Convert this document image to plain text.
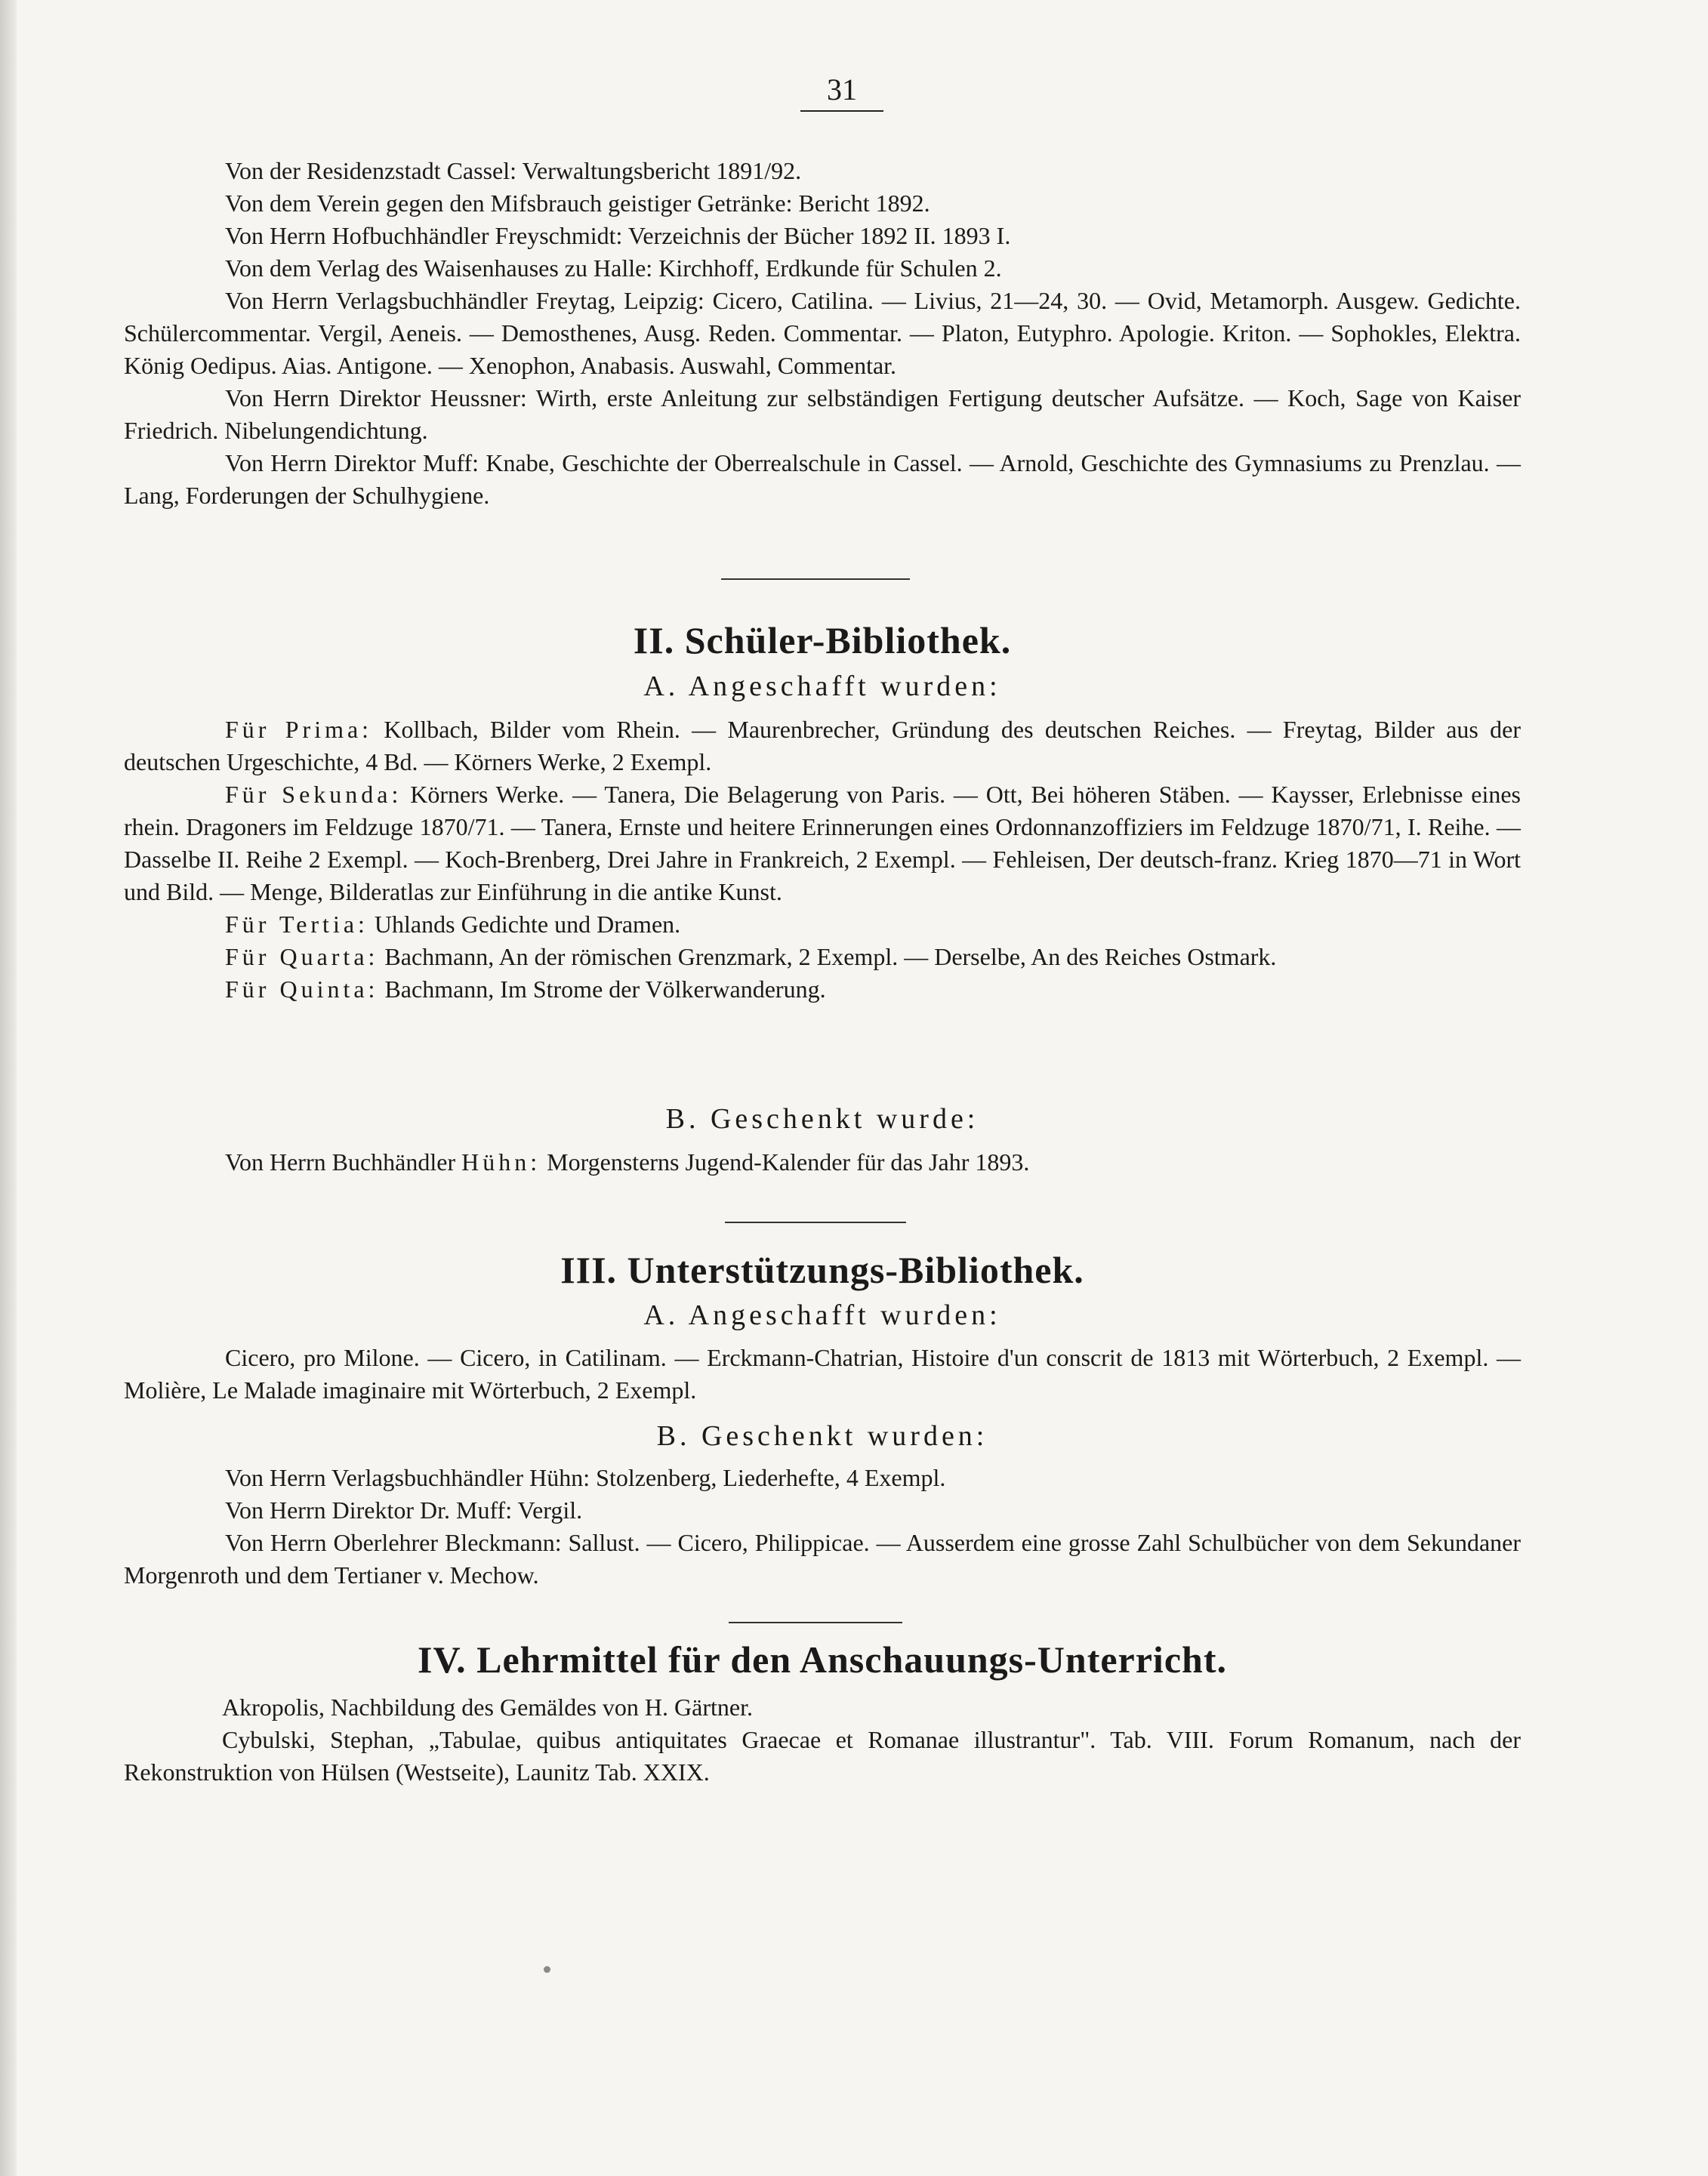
31

Von der Residenzstadt Cassel: Verwaltungsbericht 1891/92.

Von dem Verein gegen den Mifsbrauch geistiger Getränke: Bericht 1892.

Von Herrn Hofbuchhändler Freyschmidt: Verzeichnis der Bücher 1892 II. 1893 I.

Von dem Verlag des Waisenhauses zu Halle: Kirchhoff, Erdkunde für Schulen 2.

Von Herrn Verlagsbuchhändler Freytag, Leipzig: Cicero, Catilina. — Livius, 21—24, 30. — Ovid, Metamorph. Ausgew. Gedichte. Schülercommentar. Vergil, Aeneis. — Demosthenes, Ausg. Reden. Commentar. — Platon, Eutyphro. Apologie. Kriton. — Sophokles, Elektra. König Oedipus. Aias. Antigone. — Xenophon, Anabasis. Auswahl, Commentar.

Von Herrn Direktor Heussner: Wirth, erste Anleitung zur selbständigen Fertigung deutscher Aufsätze. — Koch, Sage von Kaiser Friedrich. Nibelungendichtung.

Von Herrn Direktor Muff: Knabe, Geschichte der Oberrealschule in Cassel. — Arnold, Geschichte des Gymnasiums zu Prenzlau. — Lang, Forderungen der Schulhygiene.

II. Schüler-Bibliothek.
A. Angeschafft wurden:

Für Prima: Kollbach, Bilder vom Rhein. — Maurenbrecher, Gründung des deutschen Reiches. — Freytag, Bilder aus der deutschen Urgeschichte, 4 Bd. — Körners Werke, 2 Exempl.

Für Sekunda: Körners Werke. — Tanera, Die Belagerung von Paris. — Ott, Bei höheren Stäben. — Kaysser, Erlebnisse eines rhein. Dragoners im Feldzuge 1870/71. — Tanera, Ernste und heitere Erinnerungen eines Ordonnanzoffiziers im Feldzuge 1870/71, I. Reihe. — Dasselbe II. Reihe 2 Exempl. — Koch-Brenberg, Drei Jahre in Frankreich, 2 Exempl. — Fehleisen, Der deutsch-franz. Krieg 1870—71 in Wort und Bild. — Menge, Bilderatlas zur Einführung in die antike Kunst.

Für Tertia: Uhlands Gedichte und Dramen.

Für Quarta: Bachmann, An der römischen Grenzmark, 2 Exempl. — Derselbe, An des Reiches Ostmark.

Für Quinta: Bachmann, Im Strome der Völkerwanderung.

B. Geschenkt wurde:

Von Herrn Buchhändler Hühn: Morgensterns Jugend-Kalender für das Jahr 1893.

III. Unterstützungs-Bibliothek.
A. Angeschafft wurden:

Cicero, pro Milone. — Cicero, in Catilinam. — Erckmann-Chatrian, Histoire d'un conscrit de 1813 mit Wörterbuch, 2 Exempl. — Molière, Le Malade imaginaire mit Wörterbuch, 2 Exempl.

B. Geschenkt wurden:

Von Herrn Verlagsbuchhändler Hühn: Stolzenberg, Liederhefte, 4 Exempl.

Von Herrn Direktor Dr. Muff: Vergil.

Von Herrn Oberlehrer Bleckmann: Sallust. — Cicero, Philippicae. — Ausserdem eine grosse Zahl Schulbücher von dem Sekundaner Morgenroth und dem Tertianer v. Mechow.

IV. Lehrmittel für den Anschauungs-Unterricht.

Akropolis, Nachbildung des Gemäldes von H. Gärtner.

Cybulski, Stephan, „Tabulae, quibus antiquitates Graecae et Romanae illustrantur". Tab. VIII. Forum Romanum, nach der Rekonstruktion von Hülsen (Westseite), Launitz Tab. XXIX.
